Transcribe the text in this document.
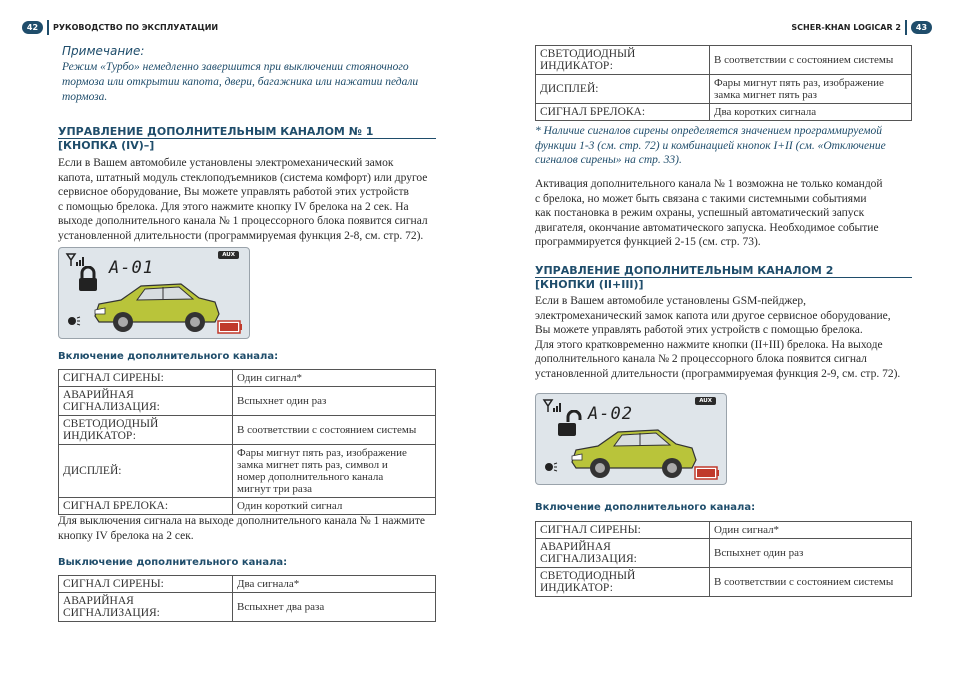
42	РУКОВОДСТВО ПО ЭКСПЛУАТАЦИИ	SCHER-KHAN LOGICAR 2	43
Примечание:
Режим «Турбо» немедленно завершится при выключении стояночного
тормоза или открытии капота, двери, багажника или нажатии педали
тормоза.
УПРАВЛЕНИЕ ДОПОЛНИТЕЛЬНЫМ КАНАЛОМ № 1
[КНОПКА (IV)–]
Если в Вашем автомобиле установлены электромеханический замок
капота, штатный модуль стеклоподъемников (система комфорт) или другое
сервисное оборудование, Вы можете управлять работой этих устройств
с помощью брелока. Для этого нажмите кнопку IV брелока на 2 сек. На
выходе дополнительного канала № 1 процессорного блока появится сигнал
установленной длительности (программируемая функция 2-8, см. стр. 72).
A-01
AUX
Включение дополнительного канала:
СИГНАЛ СИРЕНЫ:	Один сигнал*
АВАРИЙНАЯ СИГНАЛИЗАЦИЯ:	Вспыхнет один раз
СВЕТОДИОДНЫЙ ИНДИКАТОР:	В соответствии с состоянием системы
ДИСПЛЕЙ:	Фары мигнут пять раз, изображение
замка мигнет пять раз, символ и
номер дополнительного канала
мигнут три раза

СИГНАЛ БРЕЛОКА:	Один короткий сигнал
Для выключения сигнала на выходе дополнительного канала № 1 нажмите
кнопку IV брелока на 2 сек.
Выключение дополнительного канала:
СИГНАЛ СИРЕНЫ:	Два сигнала*
АВАРИЙНАЯ СИГНАЛИЗАЦИЯ:	Вспыхнет два раза
СВЕТОДИОДНЫЙ ИНДИКАТОР:	В соответствии с состоянием системы
ДИСПЛЕЙ:	Фары мигнут пять раз, изображение
замка мигнет пять раз

СИГНАЛ БРЕЛОКА:	Два коротких сигнала
* Наличие сигналов сирены определяется значением программируемой
функции 1-3 (см. стр. 72) и комбинацией кнопок I+II (см. «Отключение
сигналов сирены» на стр. 33).
Активация дополнительного канала № 1 возможна не только командой
с брелока, но может быть связана с такими системными событиями
как постановка в режим охраны, успешный автоматический запуск
двигателя, окончание автоматического запуска. Необходимое событие
программируется функцией 2-15 (см. стр. 73).
УПРАВЛЕНИЕ ДОПОЛНИТЕЛЬНЫМ КАНАЛОМ 2
[КНОПКИ (II+III)]
Если в Вашем автомобиле установлены GSM-пейджер,
электромеханический замок капота или другое сервисное оборудование,
Вы можете управлять работой этих устройств с помощью брелока.
Для этого кратковременно нажмите кнопки (II+III) брелока. На выходе
дополнительного канала № 2 процессорного блока появится сигнал
установленной длительности (программируемая функция 2-9, см. стр. 72).
A-02
AUX
Включение дополнительного канала:
СИГНАЛ СИРЕНЫ:	Один сигнал*
АВАРИЙНАЯ СИГНАЛИЗАЦИЯ:	Вспыхнет один раз
СВЕТОДИОДНЫЙ ИНДИКАТОР:	В соответствии с состоянием системы
